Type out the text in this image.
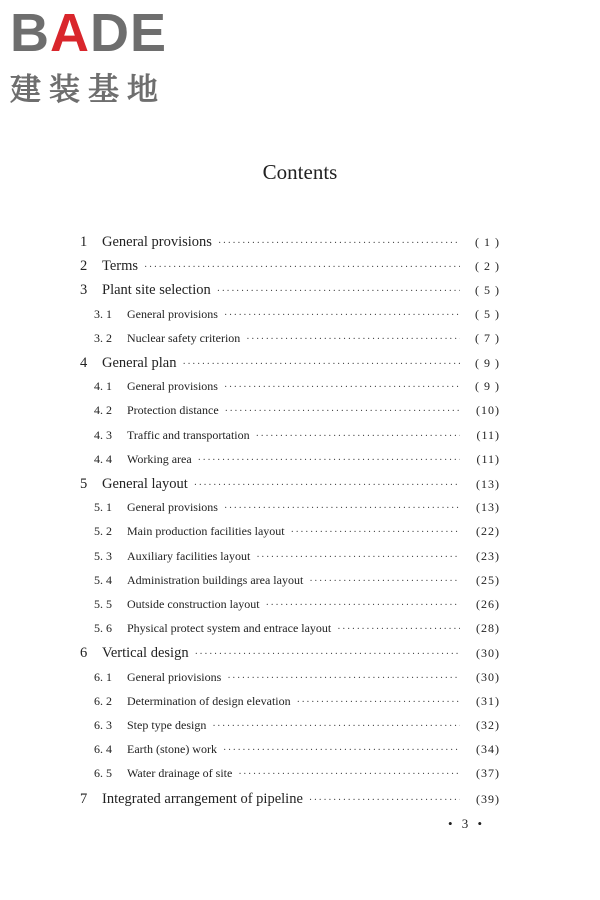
BADE
建装基地
Contents
1	General provisions ·····	( 1 )
2	Terms ·····	( 2 )
3	Plant site selection ·····	( 5 )
3. 1	General provisions ·····	( 5 )
3. 2	Nuclear safety criterion ·····	( 7 )
4	General plan ·····	( 9 )
4. 1	General provisions ·····	( 9 )
4. 2	Protection distance ·····	(10)
4. 3	Traffic and transportation ·····	(11)
4. 4	Working area ·····	(11)
5	General layout ·····	(13)
5. 1	General provisions ·····	(13)
5. 2	Main production facilities layout ·····	(22)
5. 3	Auxiliary facilities layout ·····	(23)
5. 4	Administration buildings area layout ·····	(25)
5. 5	Outside construction layout ·····	(26)
5. 6	Physical protect system and entrace layout ·····	(28)
6	Vertical design ·····	(30)
6. 1	General priovisions ·····	(30)
6. 2	Determination of design elevation ·····	(31)
6. 3	Step type design ·····	(32)
6. 4	Earth (stone) work ·····	(34)
6. 5	Water drainage of site ·····	(37)
7	Integrated arrangement of pipeline ·····	(39)
• 3 •
